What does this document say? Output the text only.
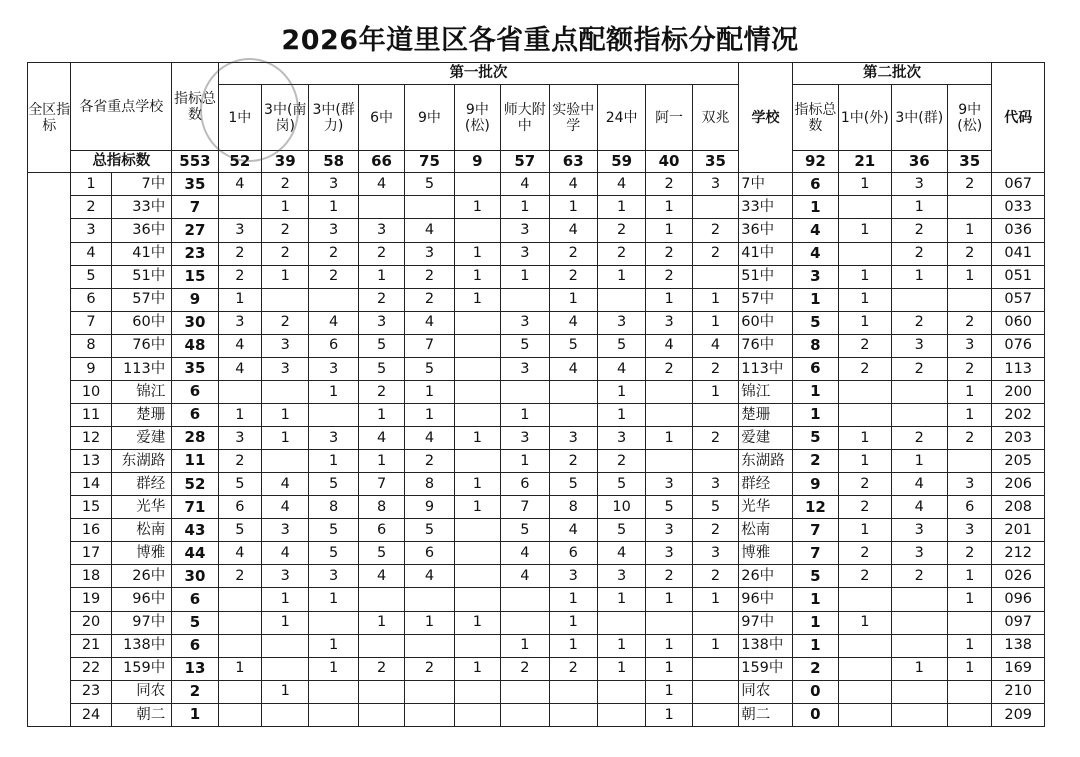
2026年道里区各省重点配额指标分配情况
全区指标	各省重点学校		指标总数	第一批次											学校	第二批次				代码
				1中	3中(南岗)	3中(群力)	6中	9中	9中(松)	师大附中	实验中学	24中	阿一	双兆		指标总数	1中(外)	3中(群)	9中(松)	
	总指标数		553	52	39	58	66	75	9	57	63	59	40	35		92	21	36	35	
	1	7中	35	4	2	3	4	5		4	4	4	2	3	7中	6	1	3	2	067
	2	33中	7		1	1			1	1	1	1	1		33中	1		1		033
	3	36中	27	3	2	3	3	4		3	4	2	1	2	36中	4	1	2	1	036
	4	41中	23	2	2	2	2	3	1	3	2	2	2	2	41中	4		2	2	041
	5	51中	15	2	1	2	1	2	1	1	2	1	2		51中	3	1	1	1	051
	6	57中	9	1			2	2	1		1		1	1	57中	1	1			057
	7	60中	30	3	2	4	3	4		3	4	3	3	1	60中	5	1	2	2	060
	8	76中	48	4	3	6	5	7		5	5	5	4	4	76中	8	2	3	3	076
	9	113中	35	4	3	3	5	5		3	4	4	2	2	113中	6	2	2	2	113
	10	锦江	6			1	2	1				1		1	锦江	1			1	200
	11	楚珊	6	1	1		1	1		1		1			楚珊	1			1	202
	12	爱建	28	3	1	3	4	4	1	3	3	3	1	2	爱建	5	1	2	2	203
	13	东湖路	11	2		1	1	2		1	2	2			东湖路	2	1	1		205
	14	群经	52	5	4	5	7	8	1	6	5	5	3	3	群经	9	2	4	3	206
	15	光华	71	6	4	8	8	9	1	7	8	10	5	5	光华	12	2	4	6	208
	16	松南	43	5	3	5	6	5		5	4	5	3	2	松南	7	1	3	3	201
	17	博雅	44	4	4	5	5	6		4	6	4	3	3	博雅	7	2	3	2	212
	18	26中	30	2	3	3	4	4		4	3	3	2	2	26中	5	2	2	1	026
	19	96中	6		1	1					1	1	1	1	96中	1			1	096
	20	97中	5		1		1	1	1		1				97中	1	1			097
	21	138中	6			1				1	1	1	1	1	138中	1			1	138
	22	159中	13	1		1	2	2	1	2	2	1	1		159中	2		1	1	169
	23	同农	2		1								1		同农	0				210
	24	朝二	1										1		朝二	0				209
